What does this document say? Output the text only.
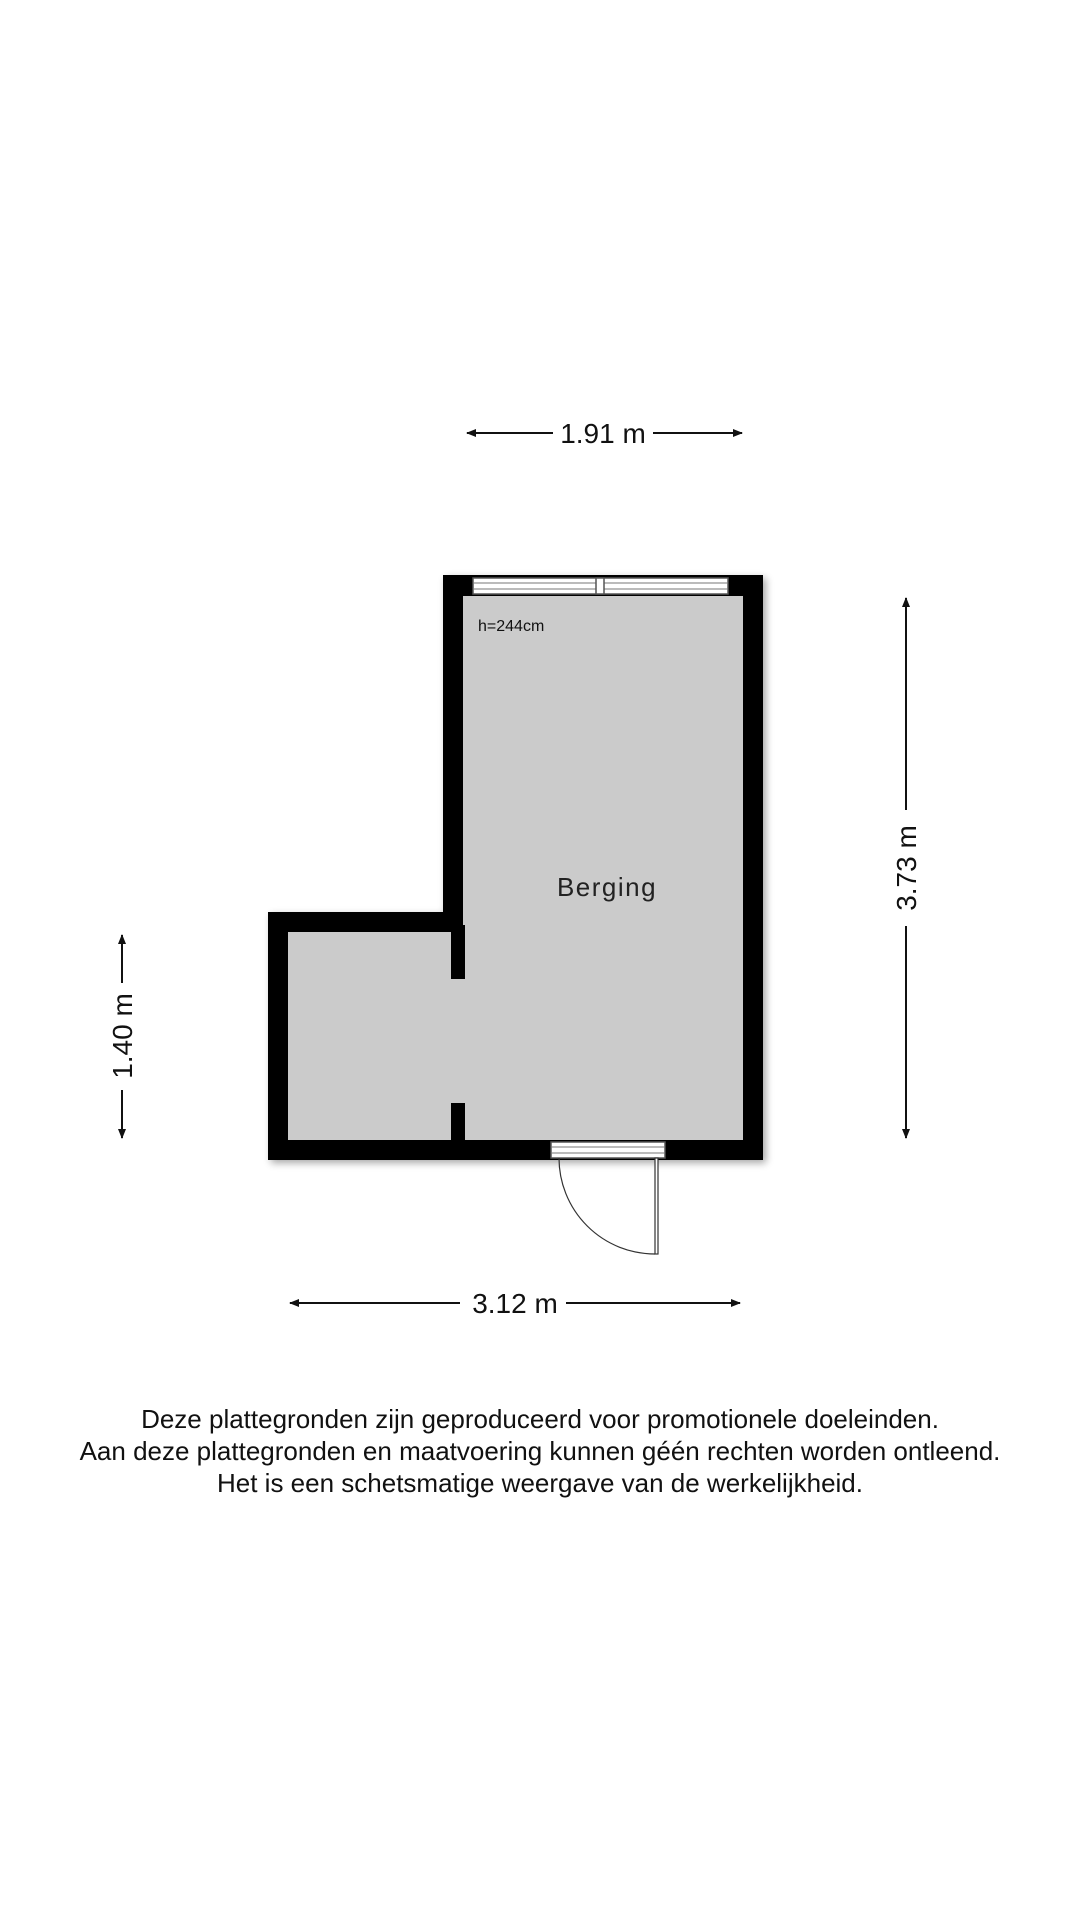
Berging
h=244cm
1.91 m
3.73 m
1.40 m
3.12 m
Deze plattegronden zijn geproduceerd voor promotionele doeleinden.
Aan deze plattegronden en maatvoering kunnen géén rechten worden ontleend.
Het is een schetsmatige weergave van de werkelijkheid.
